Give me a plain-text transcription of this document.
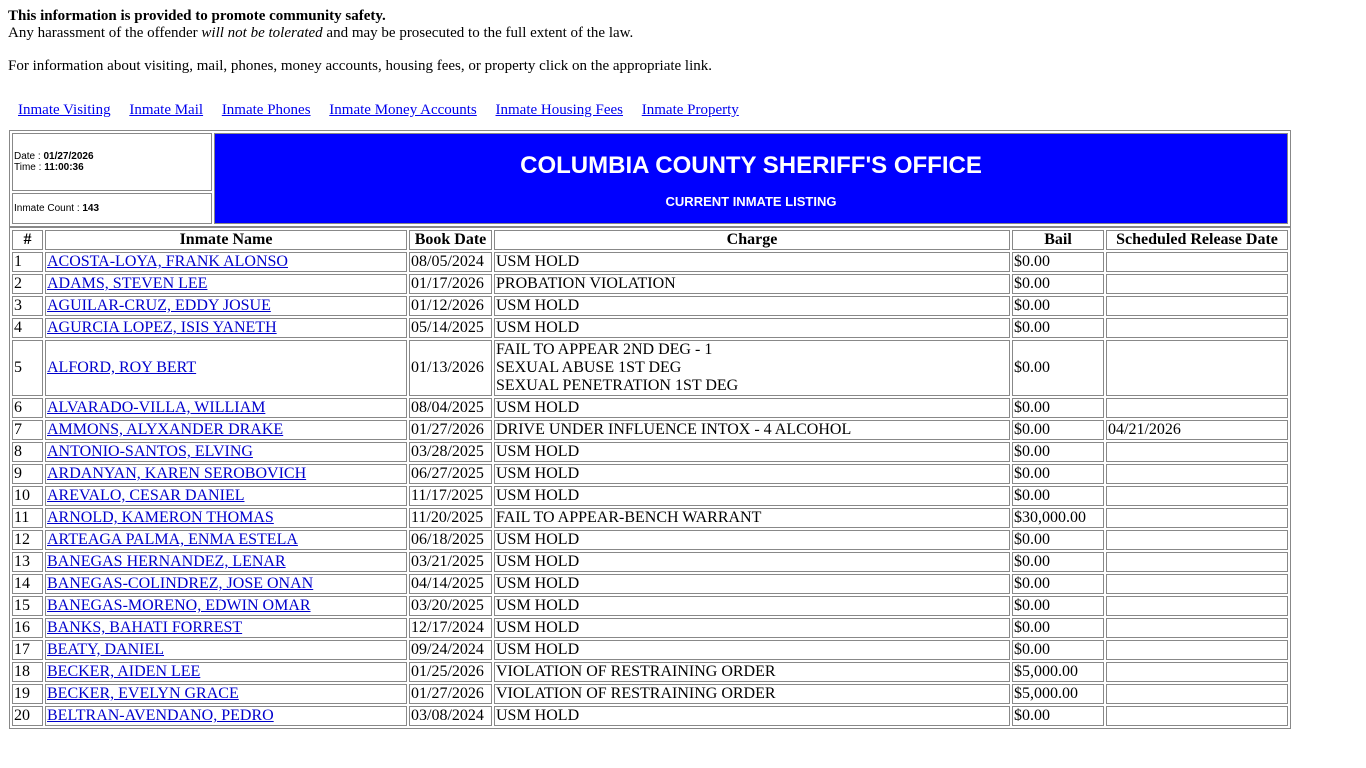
This information is provided to promote community safety.

Any harassment of the offender will not be tolerated and may be prosecuted to the full extent of the law.

For information about visiting, mail, phones, money accounts, housing fees, or property click on the appropriate link.

Inmate Visiting Inmate Mail Inmate Phones Inmate Money Accounts Inmate Housing Fees Inmate Property
Date : 01/27/2026
Time : 11:00:36	COLUMBIA COUNTY SHERIFF'S OFFICE
CURRENT INMATE LISTING

Inmate Count : 143
#	Inmate Name	Book Date	Charge	Bail	Scheduled Release Date
1	ACOSTA-LOYA, FRANK ALONSO	08/05/2024	USM HOLD	$0.00	
2	ADAMS, STEVEN LEE	01/17/2026	PROBATION VIOLATION	$0.00	
3	AGUILAR-CRUZ, EDDY JOSUE	01/12/2026	USM HOLD	$0.00	
4	AGURCIA LOPEZ, ISIS YANETH	05/14/2025	USM HOLD	$0.00	
5	ALFORD, ROY BERT	01/13/2026	FAIL TO APPEAR 2ND DEG - 1
SEXUAL ABUSE 1ST DEG
SEXUAL PENETRATION 1ST DEG	$0.00	
6	ALVARADO-VILLA, WILLIAM	08/04/2025	USM HOLD	$0.00	
7	AMMONS, ALYXANDER DRAKE	01/27/2026	DRIVE UNDER INFLUENCE INTOX - 4 ALCOHOL	$0.00	04/21/2026
8	ANTONIO-SANTOS, ELVING	03/28/2025	USM HOLD	$0.00	
9	ARDANYAN, KAREN SEROBOVICH	06/27/2025	USM HOLD	$0.00	
10	AREVALO, CESAR DANIEL	11/17/2025	USM HOLD	$0.00	
11	ARNOLD, KAMERON THOMAS	11/20/2025	FAIL TO APPEAR-BENCH WARRANT	$30,000.00	
12	ARTEAGA PALMA, ENMA ESTELA	06/18/2025	USM HOLD	$0.00	
13	BANEGAS HERNANDEZ, LENAR	03/21/2025	USM HOLD	$0.00	
14	BANEGAS-COLINDREZ, JOSE ONAN	04/14/2025	USM HOLD	$0.00	
15	BANEGAS-MORENO, EDWIN OMAR	03/20/2025	USM HOLD	$0.00	
16	BANKS, BAHATI FORREST	12/17/2024	USM HOLD	$0.00	
17	BEATY, DANIEL	09/24/2024	USM HOLD	$0.00	
18	BECKER, AIDEN LEE	01/25/2026	VIOLATION OF RESTRAINING ORDER	$5,000.00	
19	BECKER, EVELYN GRACE	01/27/2026	VIOLATION OF RESTRAINING ORDER	$5,000.00	
20	BELTRAN-AVENDANO, PEDRO	03/08/2024	USM HOLD	$0.00	
